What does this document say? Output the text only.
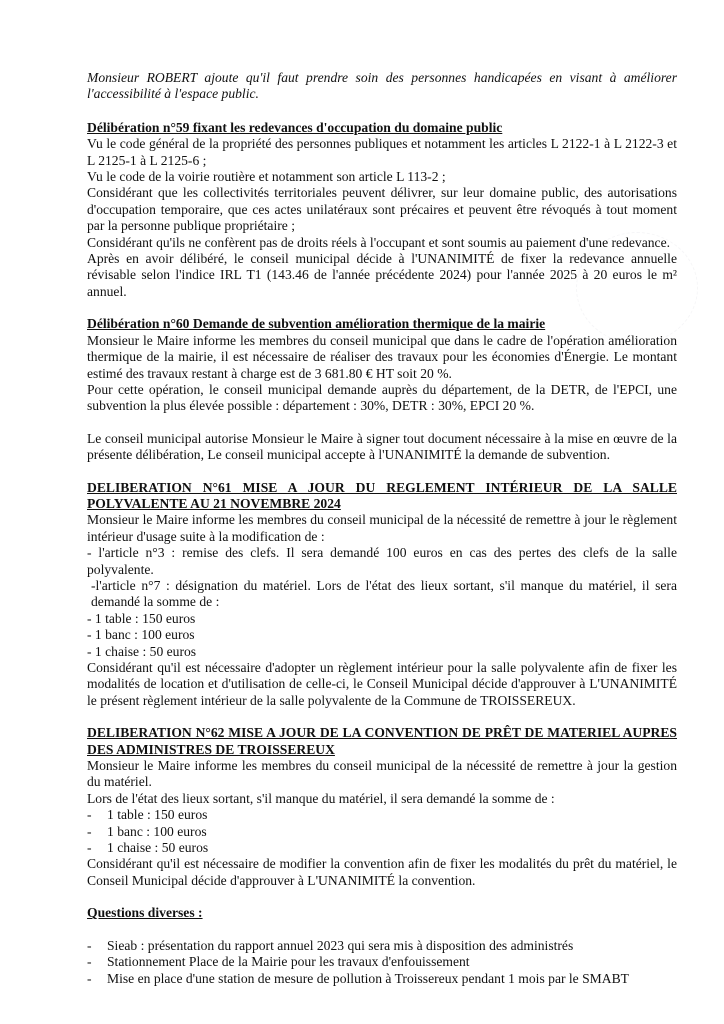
Monsieur ROBERT ajoute qu'il faut prendre soin des personnes handicapées en visant à améliorer l'accessibilité à l'espace public.

Délibération n°59 fixant les redevances d'occupation du domaine public

Vu le code général de la propriété des personnes publiques et notamment les articles L 2122-1 à L 2122-3 et L 2125-1 à L 2125-6 ;

Vu le code de la voirie routière et notamment son article L 113-2 ;

Considérant que les collectivités territoriales peuvent délivrer, sur leur domaine public, des autorisations d'occupation temporaire, que ces actes unilatéraux sont précaires et peuvent être révoqués à tout moment par la personne publique propriétaire ;

Considérant qu'ils ne confèrent pas de droits réels à l'occupant et sont soumis au paiement d'une redevance.

Après en avoir délibéré, le conseil municipal décide à l'UNANIMITÉ de fixer la redevance annuelle révisable selon l'indice IRL T1 (143.46 de l'année précédente 2024) pour l'année 2025 à 20 euros le m² annuel.

Délibération n°60 Demande de subvention amélioration thermique de la mairie

Monsieur le Maire informe les membres du conseil municipal que dans le cadre de l'opération amélioration thermique de la mairie, il est nécessaire de réaliser des travaux pour les économies d'Énergie. Le montant estimé des travaux restant à charge est de 3 681.80 € HT soit 20 %.

Pour cette opération, le conseil municipal demande auprès du département, de la DETR, de l'EPCI, une subvention la plus élevée possible : département : 30%, DETR : 30%, EPCI 20 %.

Le conseil municipal autorise Monsieur le Maire à signer tout document nécessaire à la mise en œuvre de la présente délibération, Le conseil municipal accepte à l'UNANIMITÉ la demande de subvention.

DELIBERATION N°61 MISE A JOUR DU REGLEMENT INTÉRIEUR DE LA SALLE POLYVALENTE AU 21 NOVEMBRE 2024

Monsieur le Maire informe les membres du conseil municipal de la nécessité de remettre à jour le règlement intérieur d'usage suite à la modification de :

- l'article n°3 : remise des clefs. Il sera demandé 100 euros en cas des pertes des clefs de la salle polyvalente.

-l'article n°7 : désignation du matériel. Lors de l'état des lieux sortant, s'il manque du matériel, il sera demandé la somme de :

- 1 table : 150 euros

- 1 banc : 100 euros

- 1 chaise : 50 euros

Considérant qu'il est nécessaire d'adopter un règlement intérieur pour la salle polyvalente afin de fixer les modalités de location et d'utilisation de celle-ci, le Conseil Municipal décide d'approuver à L'UNANIMITÉ le présent règlement intérieur de la salle polyvalente de la Commune de TROISSEREUX.

DELIBERATION N°62 MISE A JOUR DE LA CONVENTION DE PRÊT DE MATERIEL AUPRES DES ADMINISTRES DE TROISSEREUX

Monsieur le Maire informe les membres du conseil municipal de la nécessité de remettre à jour la gestion du matériel.

Lors de l'état des lieux sortant, s'il manque du matériel, il sera demandé la somme de :

-	1 table : 150 euros
-	1 banc : 100 euros
-	1 chaise : 50 euros

Considérant qu'il est nécessaire de modifier la convention afin de fixer les modalités du prêt du matériel, le Conseil Municipal décide d'approuver à L'UNANIMITÉ la convention.

Questions diverses :

-	Sieab : présentation du rapport annuel 2023 qui sera mis à disposition des administrés
-	Stationnement Place de la Mairie pour les travaux d'enfouissement
-	Mise en place d'une station de mesure de pollution à Troissereux pendant 1 mois par le SMABT
